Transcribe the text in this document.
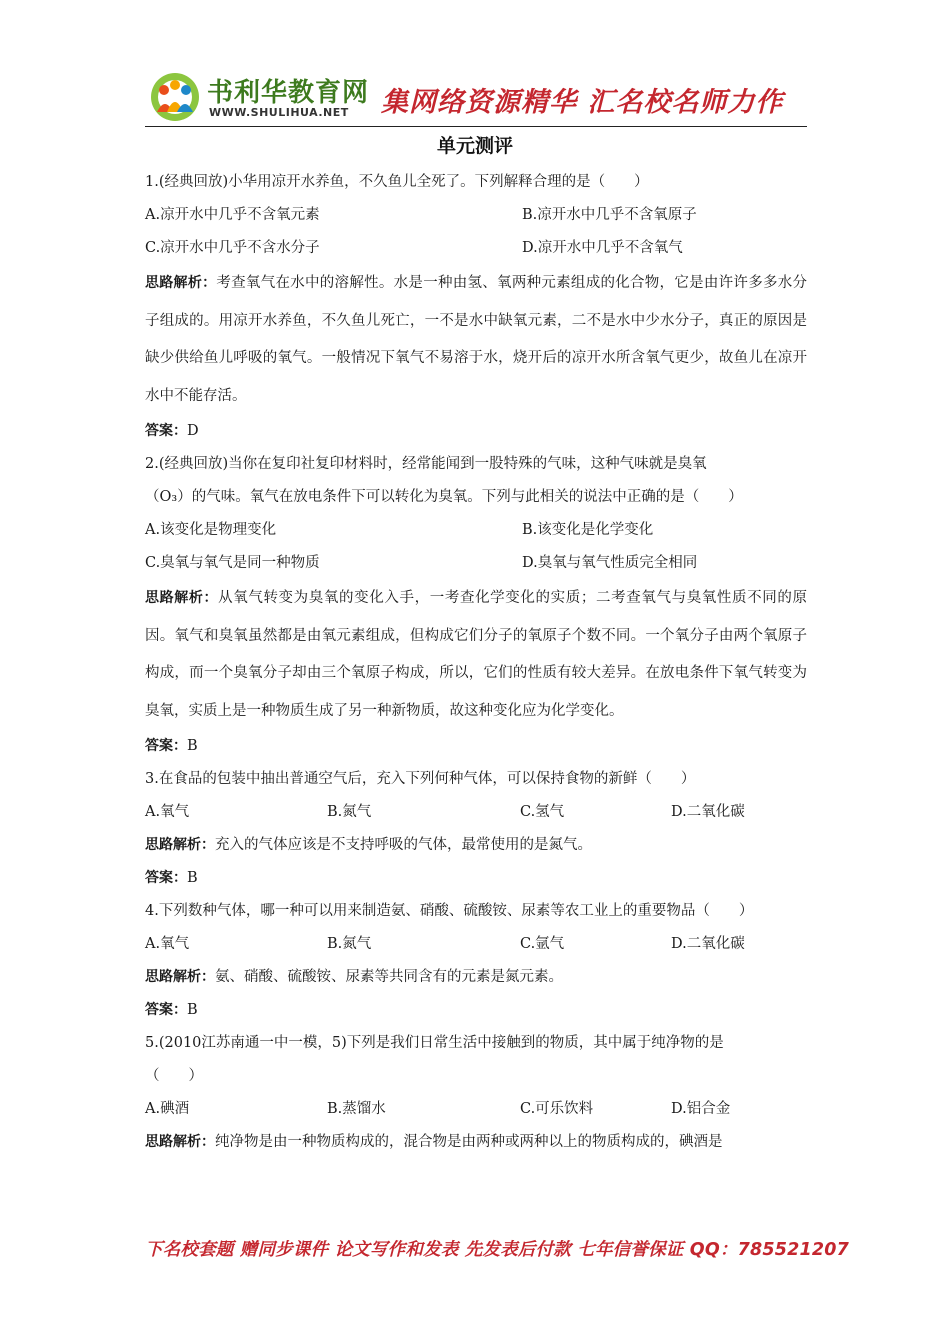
书利华教育网
WWW.SHULIHUA.NET 集网络资源精华 汇名校名师力作
单元测评
1.(经典回放)小华用凉开水养鱼，不久鱼儿全死了。下列解释合理的是（　　）
A.凉开水中几乎不含氧元素	B.凉开水中几乎不含氧原子
C.凉开水中几乎不含水分子	D.凉开水中几乎不含氧气
思路解析：考查氧气在水中的溶解性。水是一种由氢、氧两种元素组成的化合物，它是由许许多多水分子组成的。用凉开水养鱼，不久鱼儿死亡，一不是水中缺氧元素，二不是水中少水分子，真正的原因是缺少供给鱼儿呼吸的氧气。一般情况下氧气不易溶于水，烧开后的凉开水所含氧气更少，故鱼儿在凉开水中不能存活。
答案：D
2.(经典回放)当你在复印社复印材料时，经常能闻到一股特殊的气味，这种气味就是臭氧
（O₃）的气味。氧气在放电条件下可以转化为臭氧。下列与此相关的说法中正确的是（　　）
A.该变化是物理变化	B.该变化是化学变化
C.臭氧与氧气是同一种物质	D.臭氧与氧气性质完全相同
思路解析：从氧气转变为臭氧的变化入手，一考查化学变化的实质；二考查氧气与臭氧性质不同的原因。氧气和臭氧虽然都是由氧元素组成，但构成它们分子的氧原子个数不同。一个氧分子由两个氧原子构成，而一个臭氧分子却由三个氧原子构成，所以，它们的性质有较大差异。在放电条件下氧气转变为臭氧，实质上是一种物质生成了另一种新物质，故这种变化应为化学变化。
答案：B
3.在食品的包装中抽出普通空气后，充入下列何种气体，可以保持食物的新鲜（　　）
A.氧气	B.氮气	C.氢气	D.二氧化碳
思路解析：充入的气体应该是不支持呼吸的气体，最常使用的是氮气。
答案：B
4.下列数种气体，哪一种可以用来制造氨、硝酸、硫酸铵、尿素等农工业上的重要物品（　　）
A.氧气	B.氮气	C.氩气	D.二氧化碳
思路解析：氨、硝酸、硫酸铵、尿素等共同含有的元素是氮元素。
答案：B
5.(2010江苏南通一中一模，5)下列是我们日常生活中接触到的物质，其中属于纯净物的是
（　　）
A.碘酒	B.蒸馏水	C.可乐饮料	D.铝合金
思路解析：纯净物是由一种物质构成的，混合物是由两种或两种以上的物质构成的，碘酒是
下名校套题 赠同步课件 论文写作和发表 先发表后付款 七年信誉保证 QQ：785521207
